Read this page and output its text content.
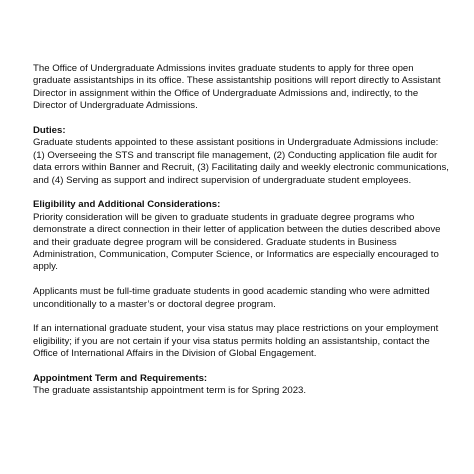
The Office of Undergraduate Admissions invites graduate students to apply for three open graduate assistantships in its office. These assistantship positions will report directly to Assistant Director in assignment within the Office of Undergraduate Admissions and, indirectly, to the Director of Undergraduate Admissions.

Duties:
Graduate students appointed to these assistant positions in Undergraduate Admissions include: (1) Overseeing the STS and transcript file management, (2) Conducting application file audit for data errors within Banner and Recruit, (3) Facilitating daily and weekly electronic communications, and (4) Serving as support and indirect supervision of undergraduate student employees.

Eligibility and Additional Considerations:
Priority consideration will be given to graduate students in graduate degree programs who demonstrate a direct connection in their letter of application between the duties described above and their graduate degree program will be considered. Graduate students in Business Administration, Communication, Computer Science, or Informatics are especially encouraged to apply.

Applicants must be full-time graduate students in good academic standing who were admitted unconditionally to a master’s or doctoral degree program.

If an international graduate student, your visa status may place restrictions on your employment eligibility; if you are not certain if your visa status permits holding an assistantship, contact the Office of International Affairs in the Division of Global Engagement.

Appointment Term and Requirements:
The graduate assistantship appointment term is for Spring 2023.
